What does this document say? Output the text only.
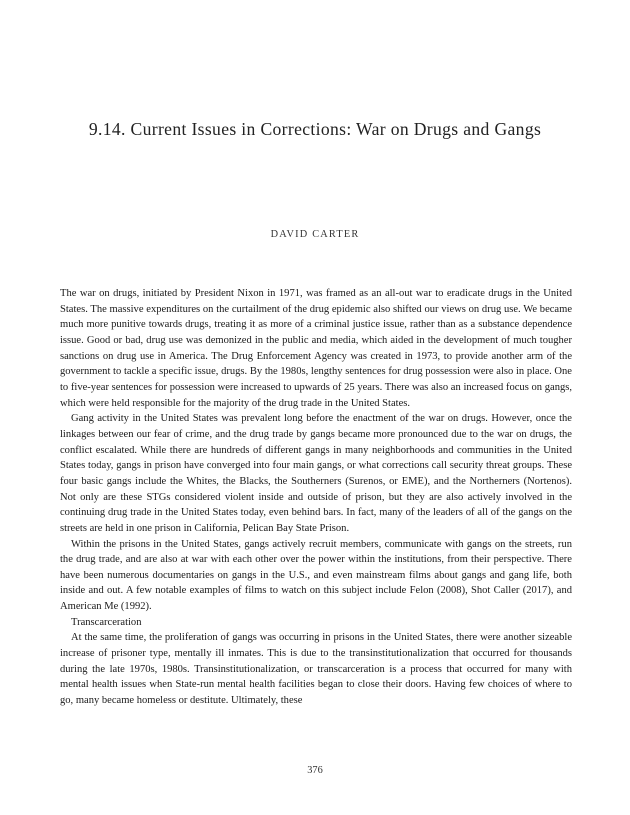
9.14. Current Issues in Corrections: War on Drugs and Gangs
DAVID CARTER

The war on drugs, initiated by President Nixon in 1971, was framed as an all-out war to eradicate drugs in the United States. The massive expenditures on the curtailment of the drug epidemic also shifted our views on drug use. We became much more punitive towards drugs, treating it as more of a criminal justice issue, rather than as a substance dependence issue. Good or bad, drug use was demonized in the public and media, which aided in the development of much tougher sanctions on drug use in America. The Drug Enforcement Agency was created in 1973, to provide another arm of the government to tackle a specific issue, drugs. By the 1980s, lengthy sentences for drug possession were also in place. One to five-year sentences for possession were increased to upwards of 25 years. There was also an increased focus on gangs, which were held responsible for the majority of the drug trade in the United States.

Gang activity in the United States was prevalent long before the enactment of the war on drugs. However, once the linkages between our fear of crime, and the drug trade by gangs became more pronounced due to the war on drugs, the conflict escalated. While there are hundreds of different gangs in many neighborhoods and communities in the United States today, gangs in prison have converged into four main gangs, or what corrections call security threat groups. These four basic gangs include the Whites, the Blacks, the Southerners (Surenos, or EME), and the Northerners (Nortenos). Not only are these STGs considered violent inside and outside of prison, but they are also actively involved in the continuing drug trade in the United States today, even behind bars. In fact, many of the leaders of all of the gangs on the streets are held in one prison in California, Pelican Bay State Prison.

Within the prisons in the United States, gangs actively recruit members, communicate with gangs on the streets, run the drug trade, and are also at war with each other over the power within the institutions, from their perspective. There have been numerous documentaries on gangs in the U.S., and even mainstream films about gangs and gang life, both inside and out. A few notable examples of films to watch on this subject include Felon (2008), Shot Caller (2017), and American Me (1992).

Transcarceration

At the same time, the proliferation of gangs was occurring in prisons in the United States, there were another sizeable increase of prisoner type, mentally ill inmates. This is due to the transinstitutionalization that occurred for thousands during the late 1970s, 1980s. Transinstitutionalization, or transcarceration is a process that occurred for many with mental health issues when State-run mental health facilities began to close their doors. Having few choices of where to go, many became homeless or destitute. Ultimately, these

376
